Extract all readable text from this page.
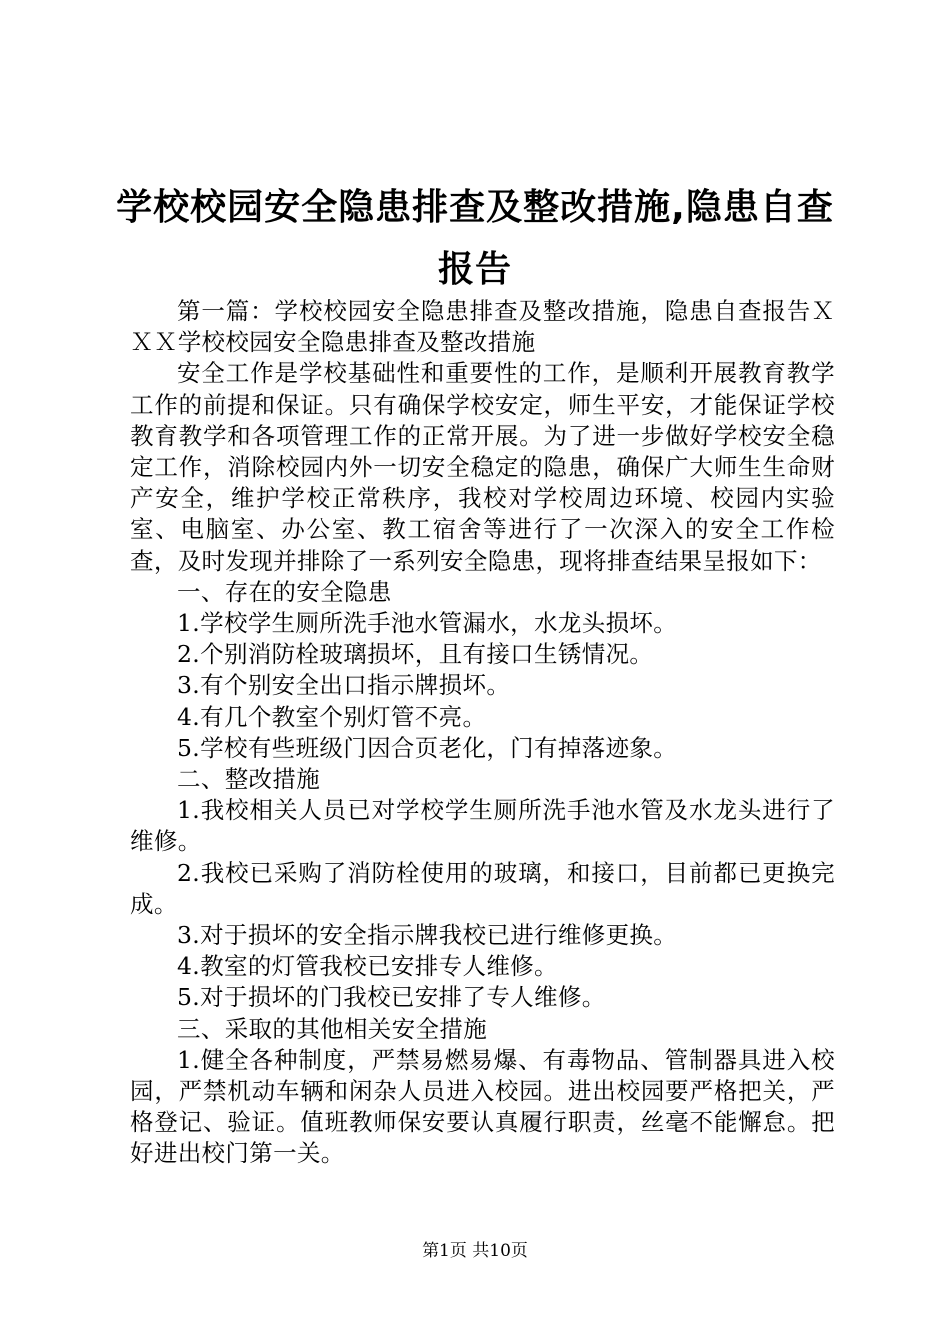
学校校园安全隐患排查及整改措施,隐患自查
报告

第一篇：学校校园安全隐患排查及整改措施，隐患自查报告ＸＸＸ学校校园安全隐患排查及整改措施

安全工作是学校基础性和重要性的工作，是顺利开展教育教学工作的前提和保证。只有确保学校安定，师生平安，才能保证学校教育教学和各项管理工作的正常开展。为了进一步做好学校安全稳定工作，消除校园内外一切安全稳定的隐患，确保广大师生生命财产安全，维护学校正常秩序，我校对学校周边环境、校园内实验室、电脑室、办公室、教工宿舍等进行了一次深入的安全工作检查，及时发现并排除了一系列安全隐患，现将排查结果呈报如下：

一、存在的安全隐患

1.学校学生厕所洗手池水管漏水，水龙头损坏。

2.个别消防栓玻璃损坏，且有接口生锈情况。

3.有个别安全出口指示牌损坏。

4.有几个教室个别灯管不亮。

5.学校有些班级门因合页老化，门有掉落迹象。

二、整改措施

1.我校相关人员已对学校学生厕所洗手池水管及水龙头进行了维修。

2.我校已采购了消防栓使用的玻璃，和接口，目前都已更换完成。

3.对于损坏的安全指示牌我校已进行维修更换。

4.教室的灯管我校已安排专人维修。

5.对于损坏的门我校已安排了专人维修。

三、采取的其他相关安全措施

1.健全各种制度，严禁易燃易爆、有毒物品、管制器具进入校园，严禁机动车辆和闲杂人员进入校园。进出校园要严格把关，严格登记、验证。值班教师保安要认真履行职责，丝毫不能懈怠。把好进出校门第一关。

第1页 共10页
